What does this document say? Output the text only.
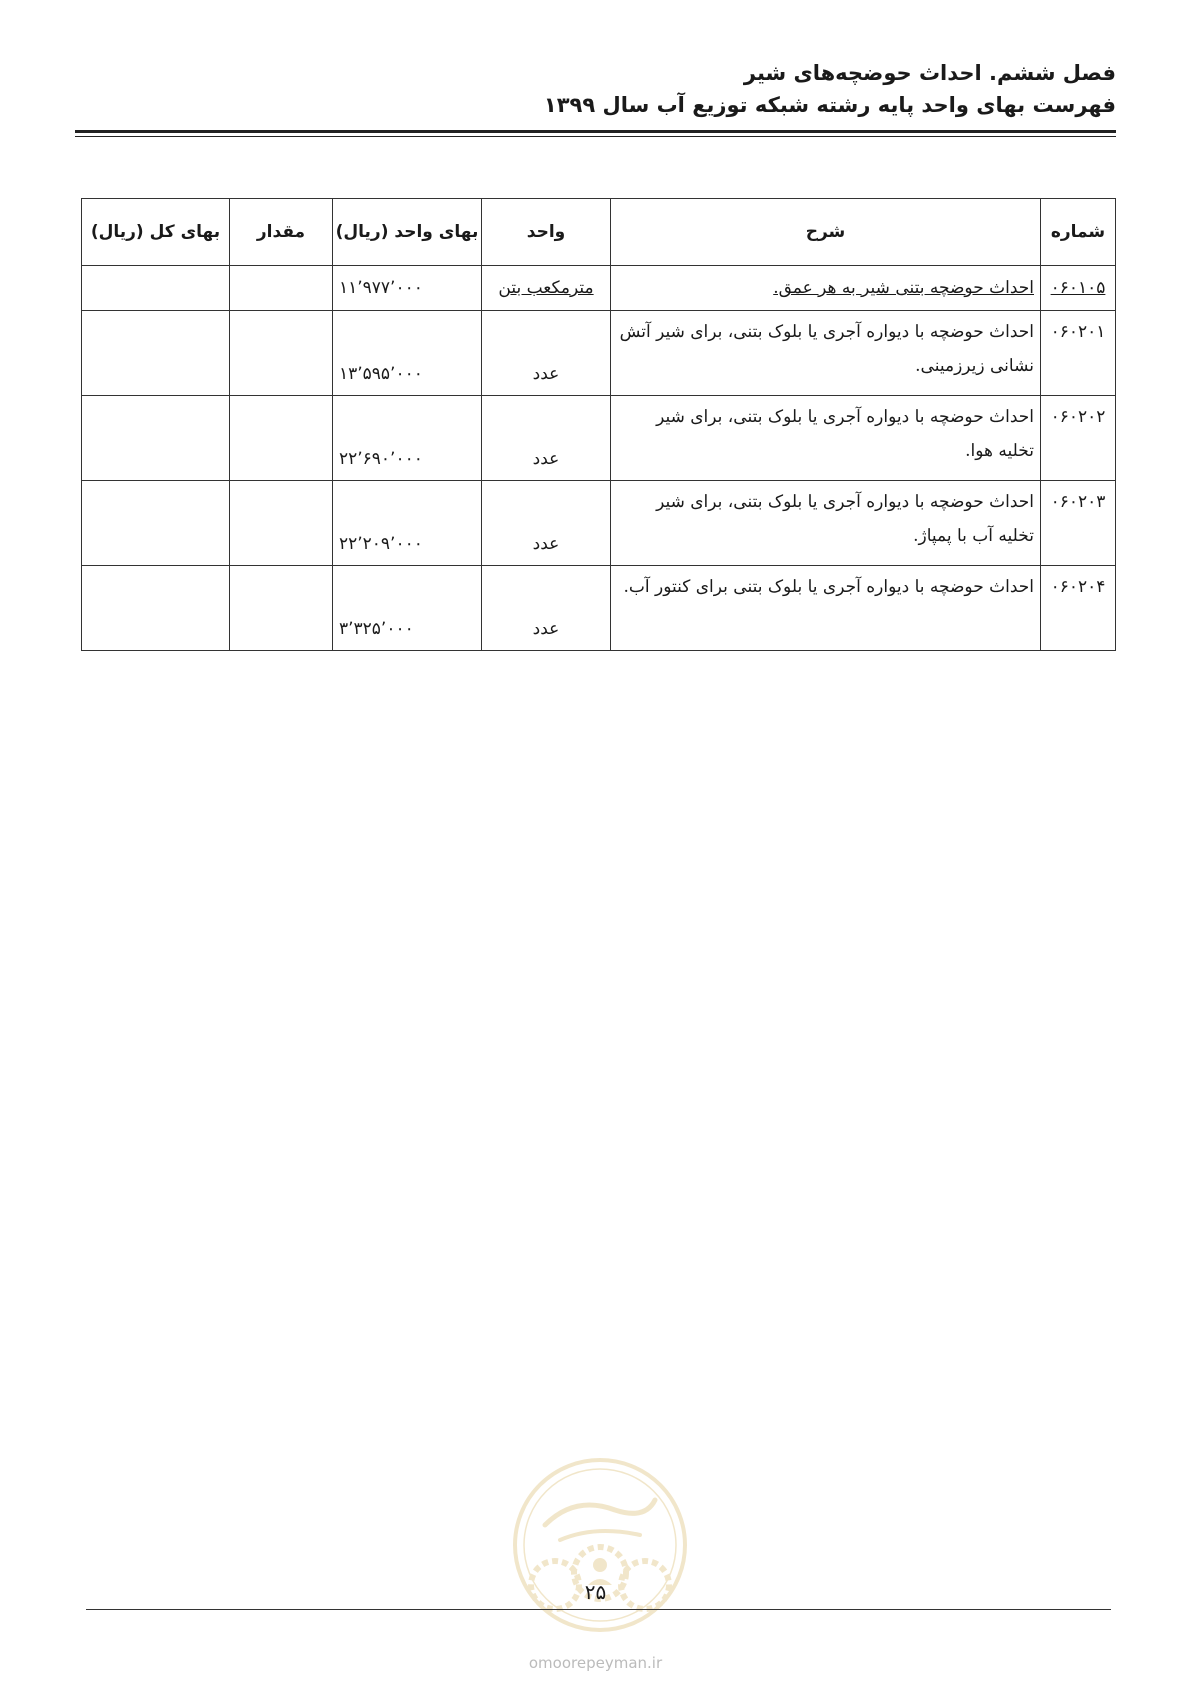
فصل ششم. احداث حوضچه‌های شیر
فهرست بهای واحد پایه رشته شبکه توزیع آب سال ۱۳۹۹
شماره	شرح	واحد	بهای واحد (ریال)	مقدار	بهای کل (ریال)
۰۶۰۱۰۵	احداث حوضچه بتنی شیر به هر عمق.	مترمکعب بتن	۱۱٬۹۷۷٬۰۰۰		
۰۶۰۲۰۱	احداث حوضچه با دیواره آجری یا بلوک بتنی، برای شیر آتش نشانی زیرزمینی.	عدد	۱۳٬۵۹۵٬۰۰۰		
۰۶۰۲۰۲	احداث حوضچه با دیواره آجری یا بلوک بتنی، برای شیر تخلیه هوا.	عدد	۲۲٬۶۹۰٬۰۰۰		
۰۶۰۲۰۳	احداث حوضچه با دیواره آجری یا بلوک بتنی، برای شیر تخلیه آب با پمپاژ.	عدد	۲۲٬۲۰۹٬۰۰۰		
۰۶۰۲۰۴	احداث حوضچه با دیواره آجری یا بلوک بتنی برای کنتور آب.	عدد	۳٬۳۲۵٬۰۰۰		
۲۵
omoorepeyman.ir
